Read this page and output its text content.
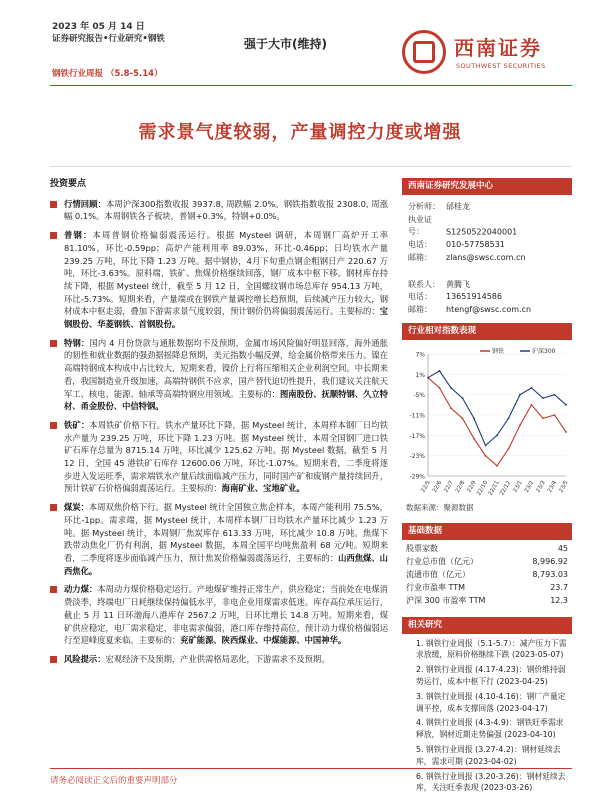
2023 年 05 月 14 日
证券研究报告•行业研究•钢铁
钢铁行业周报 （5.8-5.14）
强于大市(维持)	西南证券
SOUTHWEST SECURITIES
需求景气度较弱，产量调控力度或增强
投资要点
行情回顾：本周沪深300指数收报 3937.8, 周跌幅 2.0%。钢铁指数收报 2308.0, 周涨幅 0.1%。本周钢铁各子板块，普钢+0.3%，特钢+0.0%。
普钢：本周普钢价格偏弱震荡运行。根据 Mysteel 调研，本周钢厂高炉开工率 81.10%，环比-0.59pp；高炉产能利用率 89.03%，环比-0.46pp；日均铁水产量 239.25 万吨，环比下降 1.23 万吨。据中钢协，4月下旬重点钢企粗钢日产 220.67 万吨，环比-3.63%。原料端，铁矿、焦煤价格继续回落，钢厂成本中枢下移。钢材库存持续下降，根据 Mysteel 统计，截至 5 月 12 日，全国螺纹钢市场总库存 954.13 万吨，环比-5.73%。短期来看，产量端或在钢铁产量调控增长趋预期，后续减产压力较大，钢材成本中枢走弱，叠加下游需求景气度较弱，预计钢价仍将偏弱震荡运行。主要标的：宝钢股份、华菱钢铁、首钢股份。
特钢：国内 4 月份贷款与通胀数据均不及预期，金属市场风险偏好明显回落，海外通胀的韧性和就业数据的强劲据摇降息预期，美元指数小幅反弹，给金属价格带来压力。镍在高端特钢成本构成中占比较大，短期来看，镍价上行将压缩相关企业利润空间。中长期来看，我国制造业升级加速，高端特钢供不应求，国产替代迫切性提升，我们建议关注航天军工、核电、能源、轴承等高端特钢应用领域。主要标的：图南股份、抚顺特钢、久立特材、甬金股份、中信特钢。
铁矿：本周铁矿价格下行。铁水产量环比下降，据 Mysteel 统计，本周样本钢厂日均铁水产量为 239.25 万吨，环比下降 1.23 万吨。据 Mysteel 统计，本周全国钢厂进口铁矿石库存总量为 8715.14 万吨，环比减少 125.62 万吨。据 Mysteel 数据，截至 5 月 12 日，全国 45 港铁矿石库存 12600.06 万吨，环比-1.07%。短期来看，二季度将逐步进入发运旺季，需求端铁水产量后续面临减产压力，同时国产矿和废钢产量持续回升，预计铁矿石价格偏弱震荡运行。主要标的：海南矿业、宝地矿业。
煤炭：本周双焦价格下行。据 Mysteel 统计全国独立焦企样本，本周产能利用 75.5%，环比-1pp。需求端，据 Mysteel 统计，本周样本钢厂日均铁水产量环比减少 1.23 万吨。据 Mysteel 统计，本周钢厂焦炭库存 613.33 万吨，环比减少 10.8 万吨。焦煤下跌带动焦化厂仍有利润，据 Mysteel 数据，本周全国平均吨焦盈利 68 元/吨。短期来看，二季度将逐步面临减产压力，预计焦炭价格偏弱震荡运行，主要标的：山西焦煤、山西焦化。
动力煤：本周动力煤价格稳定运行。产地煤矿维持正常生产，供应稳定；当前处在电煤消费淡季，终端电厂日耗继续保持偏低水平，非电企业用煤需求低迷。库存高位承压运行，截止 5 月 11 日环渤海八港库存 2567.2 万吨，日环比增长 14.8 万吨。短期来看，煤矿供应稳定，电厂需求稳定，非电需求偏弱，港口库存维持高位，预计动力煤价格偏弱运行至迎峰度夏来临。主要标的：兖矿能源、陕西煤业、中煤能源、中国神华。
风险提示：宏观经济不及预期，产业供需格局恶化，下游需求不及预期。
西南证券研究发展中心
分析师： 邰桂龙
执业证号：	S1250522040001
电话： 010-57758531
邮箱： zlans@swsc.com.cn
联系人： 黄腾飞
电话： 13651914586
邮箱： htengf@swsc.com.cn
行业相对指数表现
-29%
-23%
-17%
-11%
-5%
1%
7%
22/5 22/6 22/7 22/8 22/9
22/10
22/11
22/12 23/1 23/2 23/3 23/4 23/5
钢铁	沪深300
数据来源：聚源数据
基础数据
股票家数	45
行业总市值（亿元）	8,996.92
流通市值（亿元）	8,793.03
行业市盈率 TTM	23.7
沪深 300 市盈率 TTM	12.3
相关研究
1. 钢铁行业周报（5.1-5.7）：减产压力下需求放缓，原料价格继续下跌 (2023-05-07)
2. 钢铁行业周报 (4.17-4.23)：钢价维持弱势运行，成本中枢下行 (2023-04-25)
3. 钢铁行业周报 (4.10-4.16)：钢厂产量定调平控，成本支撑回落 (2023-04-17)
4. 钢铁行业周报 (4.3-4.9)：钢铁旺季需求释放，钢材近期走势偏强 (2023-04-10)
5. 钢铁行业周报 (3.27-4.2)：钢材延续去库，需求可期 (2023-04-02)
6. 钢铁行业周报 (3.20-3.26)：钢材延续去库，关注旺季表现 (2023-03-26)
请务必阅读正文后的重要声明部分
